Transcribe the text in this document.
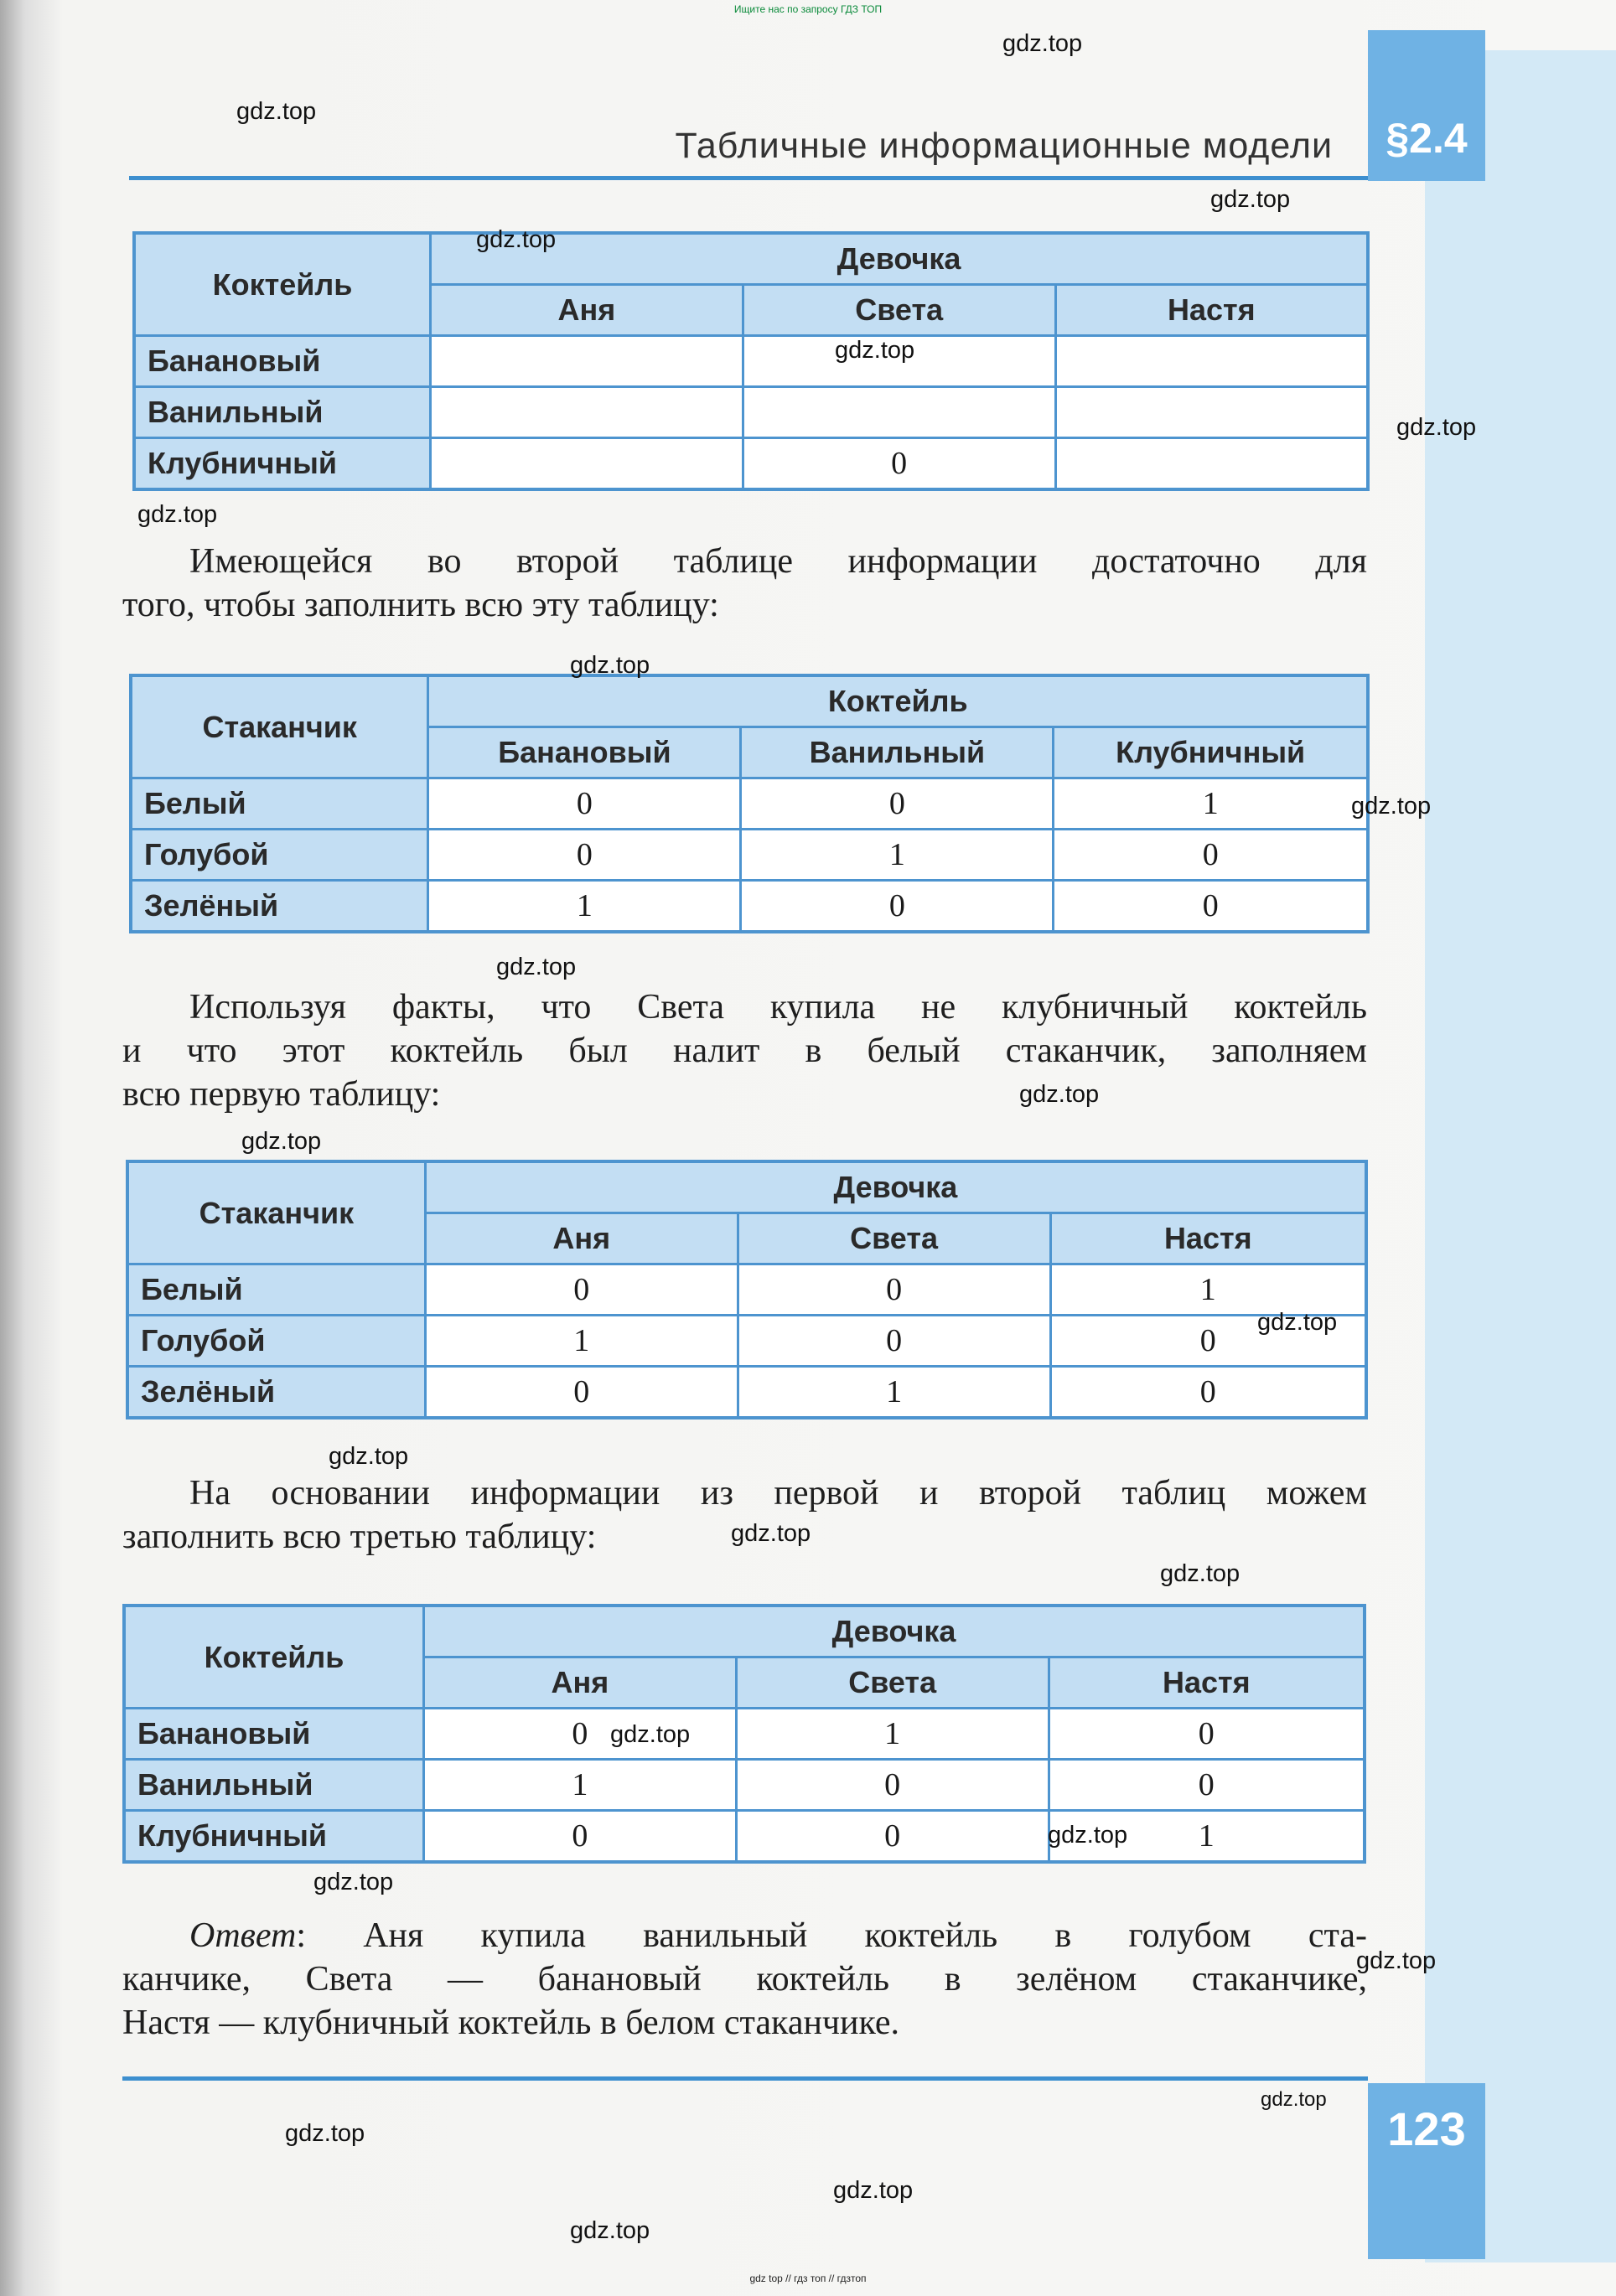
Ищите нас по запросу ГДЗ ТОП
§2.4
Табличные информационные модели
Коктейль	Девочка		
	Аня	Света	Настя
Банановый			
Ванильный			
Клубничный		0	
Имеющейся во второй таблице информации достаточно для
того, чтобы заполнить всю эту таблицу:
Стаканчик	Коктейль		
	Банановый	Ванильный	Клубничный
Белый	0	0	1
Голубой	0	1	0
Зелёный	1	0	0
Используя факты, что Света купила не клубничный коктейль
и что этот коктейль был налит в белый стаканчик, заполняем
всю первую таблицу:
Стаканчик	Девочка		
	Аня	Света	Настя
Белый	0	0	1
Голубой	1	0	0
Зелёный	0	1	0
На основании информации из первой и второй таблиц можем
заполнить всю третью таблицу:
Коктейль	Девочка		
	Аня	Света	Настя
Банановый	0	1	0
Ванильный	1	0	0
Клубничный	0	0	1
Ответ: Аня купила ванильный коктейль в голубом ста-
канчике, Света — банановый коктейль в зелёном стаканчике,
Настя — клубничный коктейль в белом стаканчике.
123
gdz top // гдз топ // гдзтоп
gdz.top
gdz.top
gdz.top
gdz.top
gdz.top
gdz.top
gdz.top
gdz.top
gdz.top
gdz.top
gdz.top
gdz.top
gdz.top
gdz.top
gdz.top
gdz.top
gdz.top
gdz.top
gdz.top
gdz.top
gdz.top
gdz.top
gdz.top
gdz.top
